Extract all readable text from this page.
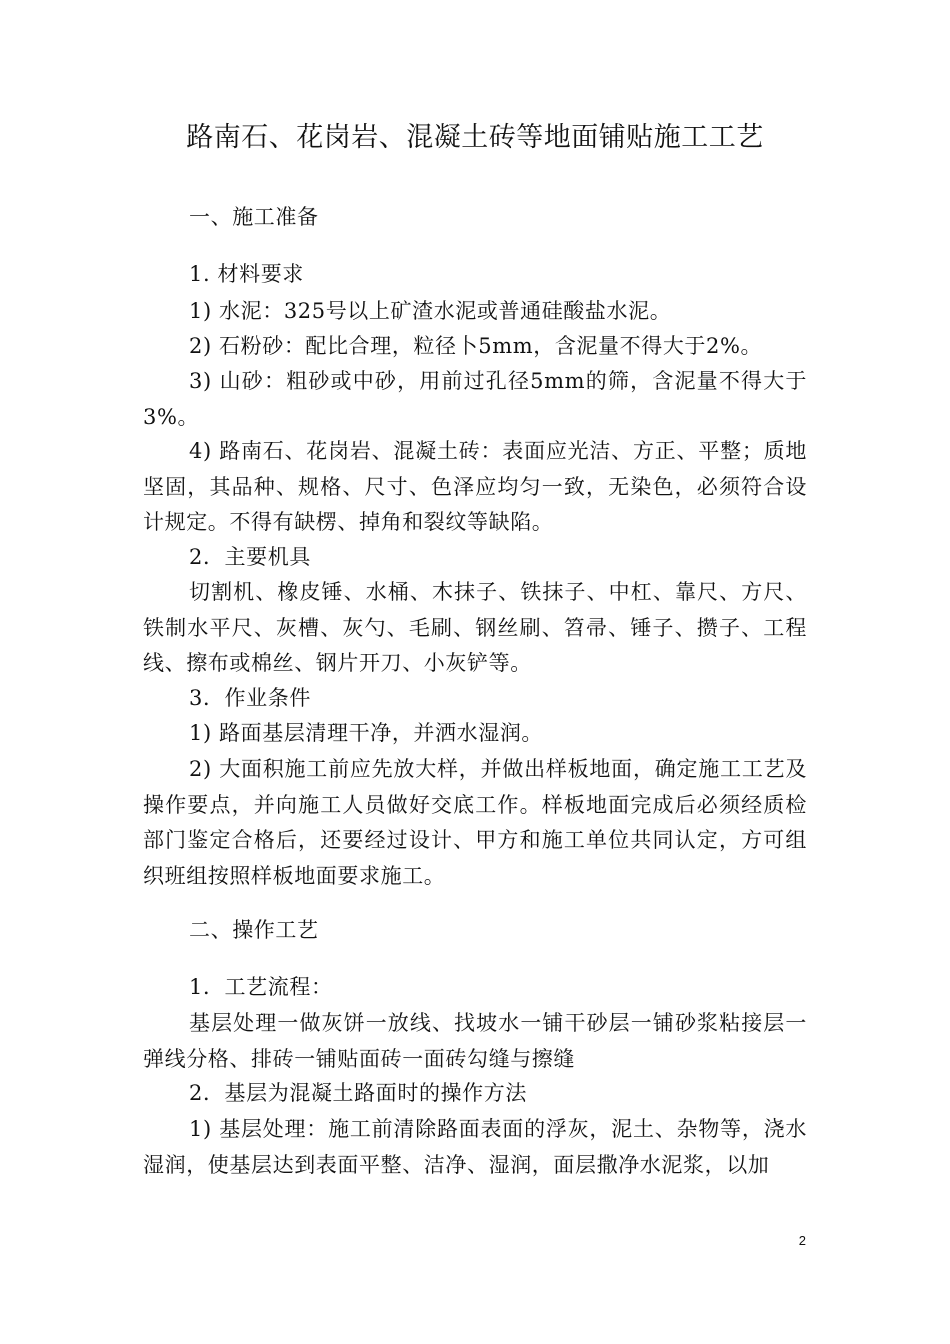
路南石、花岗岩、混凝土砖等地面铺贴施工工艺

一、施工准备

1. 材料要求

1) 水泥：325号以上矿渣水泥或普通硅酸盐水泥。

2) 石粉砂：配比合理，粒径卜5mm，含泥量不得大于2%。

3) 山砂：粗砂或中砂，用前过孔径5mm的筛，含泥量不得大于3%。

4) 路南石、花岗岩、混凝土砖：表面应光洁、方正、平整；质地坚固，其品种、规格、尺寸、色泽应均匀一致，无染色，必须符合设计规定。不得有缺楞、掉角和裂纹等缺陷。

2．主要机具

切割机、橡皮锤、水桶、木抹子、铁抹子、中杠、靠尺、方尺、铁制水平尺、灰槽、灰勺、毛刷、钢丝刷、笤帚、锤子、攒子、工程线、擦布或棉丝、钢片开刀、小灰铲等。

3．作业条件

1) 路面基层清理干净，并洒水湿润。

2) 大面积施工前应先放大样，并做出样板地面，确定施工工艺及操作要点，并向施工人员做好交底工作。样板地面完成后必须经质检部门鉴定合格后，还要经过设计、甲方和施工单位共同认定，方可组织班组按照样板地面要求施工。

二、操作工艺

1．工艺流程：

基层处理一做灰饼一放线、找坡水一铺干砂层一铺砂浆粘接层一弹线分格、排砖一铺贴面砖一面砖勾缝与擦缝

2．基层为混凝土路面时的操作方法

1) 基层处理：施工前清除路面表面的浮灰，泥土、杂物等，浇水湿润，使基层达到表面平整、洁净、湿润，面层撒净水泥浆，以加

2
